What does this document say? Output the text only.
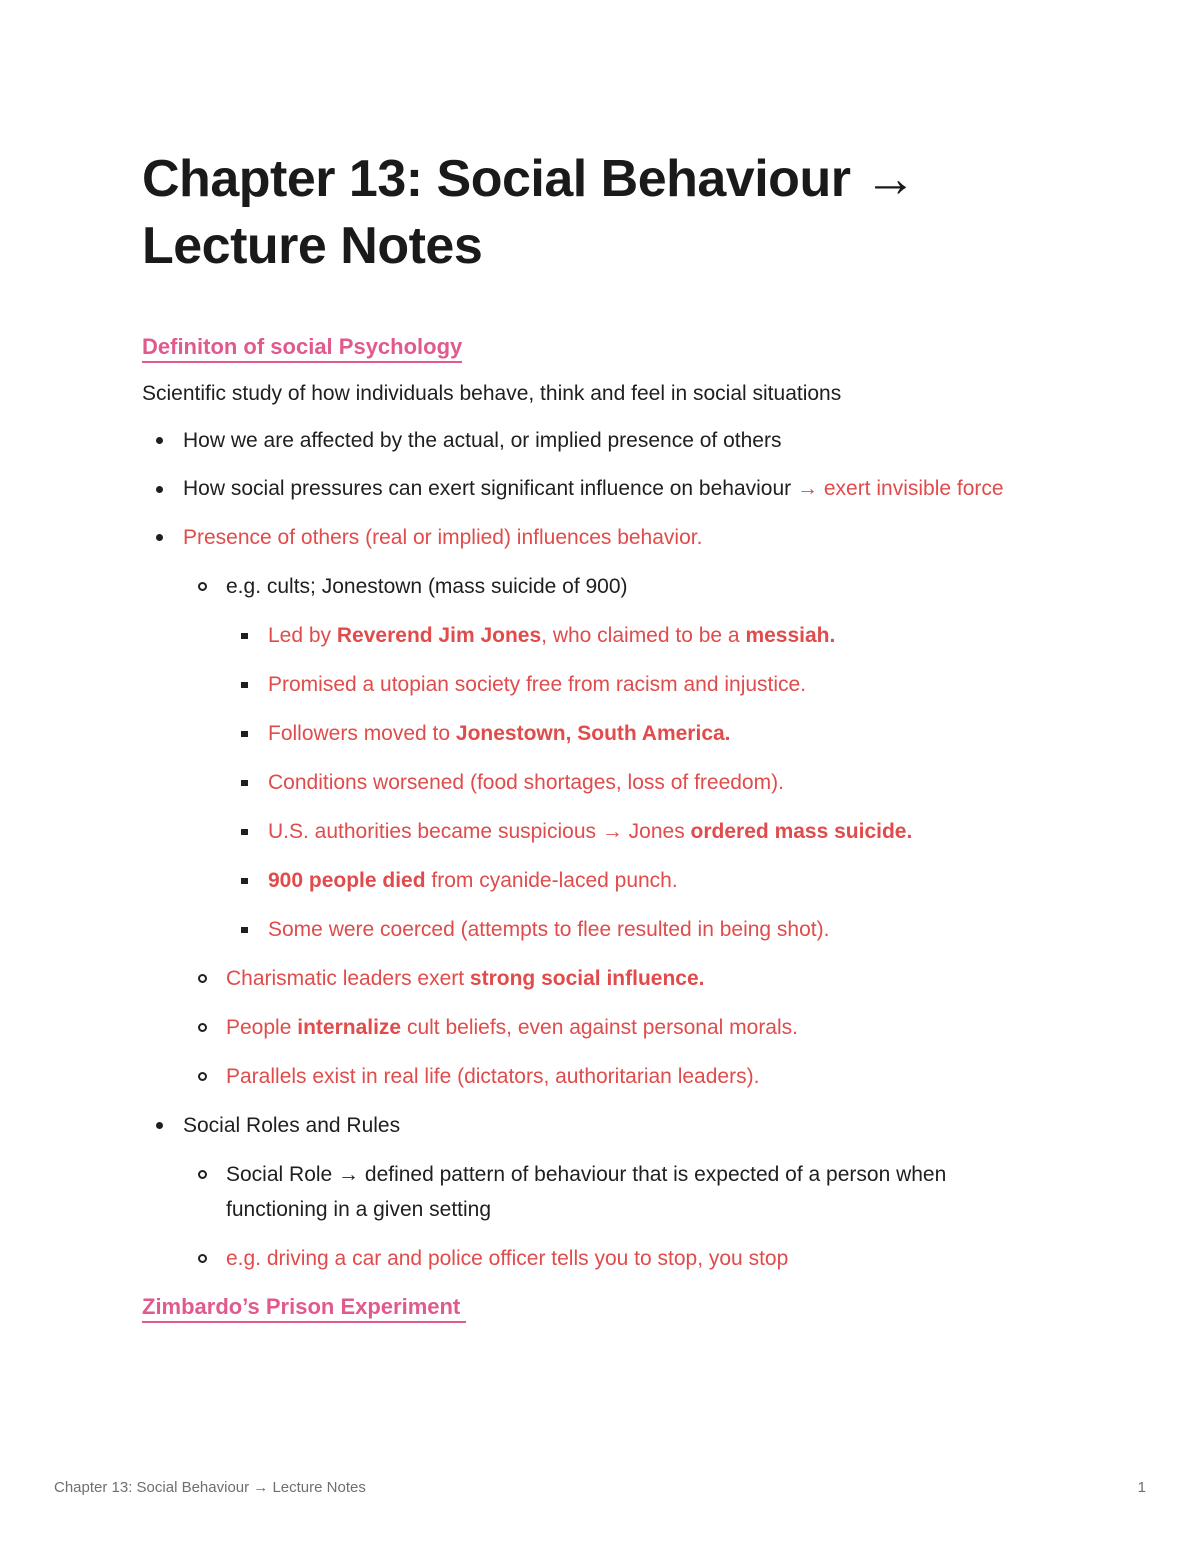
Chapter 13: Social Behaviour →
Lecture Notes
Definiton of social Psychology

Scientific study of how individuals behave, think and feel in social situations

How we are affected by the actual, or implied presence of others
How social pressures can exert significant influence on behaviour → exert invisible force
Presence of others (real or implied) influences behavior.
e.g. cults; Jonestown (mass suicide of 900)
Led by Reverend Jim Jones, who claimed to be a messiah.
Promised a utopian society free from racism and injustice.
Followers moved to Jonestown, South America.
Conditions worsened (food shortages, loss of freedom).
U.S. authorities became suspicious → Jones ordered mass suicide.
900 people died from cyanide-laced punch.
Some were coerced (attempts to flee resulted in being shot).
Charismatic leaders exert strong social influence.
People internalize cult beliefs, even against personal morals.
Parallels exist in real life (dictators, authoritarian leaders).
Social Roles and Rules
Social Role → defined pattern of behaviour that is expected of a person when functioning in a given setting
e.g. driving a car and police officer tells you to stop, you stop
Zimbardo’s Prison Experiment
Chapter 13: Social Behaviour → Lecture Notes	1
